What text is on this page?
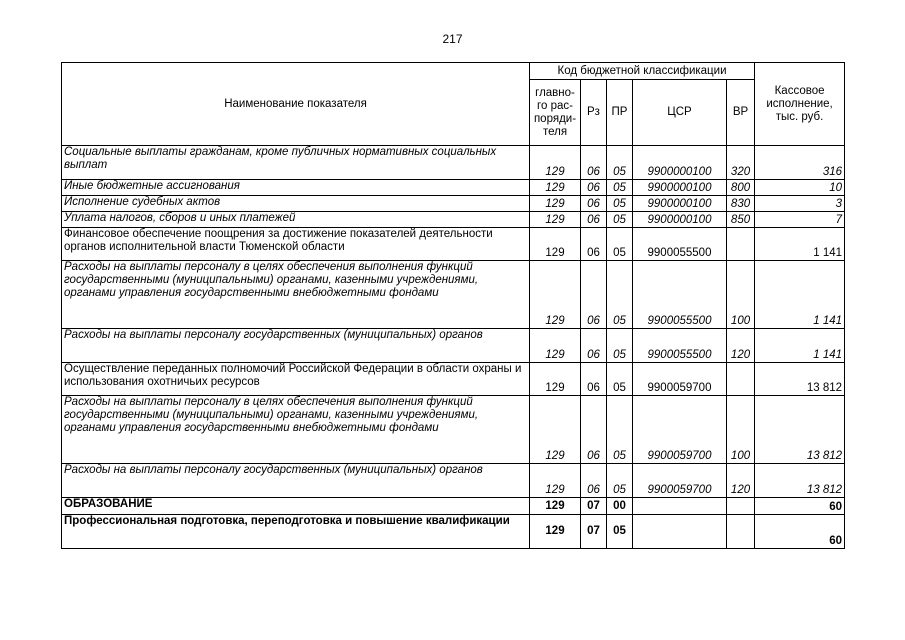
217
Наименование показателя	Код бюджетной классификации					Кассовое исполнение, тыс. руб.
	главно-
го рас-
поряди-
теля	Рз	ПР	ЦСР	ВР	
Социальные выплаты гражданам, кроме публичных нормативных социальных выплат	129	06	05	9900000100	320	316
Иные бюджетные ассигнования	129	06	05	9900000100	800	10
Исполнение судебных актов	129	06	05	9900000100	830	3
Уплата налогов, сборов и иных платежей	129	06	05	9900000100	850	7
Финансовое обеспечение поощрения за достижение показателей деятельности органов исполнительной власти Тюменской области	129	06	05	9900055500		1 141
Расходы на выплаты персоналу в целях обеспечения выполнения функций государственными (муниципальными) органами, казенными учреждениями, органами управления государственными внебюджетными фондами	129	06	05	9900055500	100	1 141
Расходы на выплаты персоналу государственных (муниципальных) органов	129	06	05	9900055500	120	1 141
Осуществление переданных полномочий Российской Федерации в области охраны и использования охотничьих ресурсов	129	06	05	9900059700		13 812
Расходы на выплаты персоналу в целях обеспечения выполнения функций государственными (муниципальными) органами, казенными учреждениями, органами управления государственными внебюджетными фондами	129	06	05	9900059700	100	13 812
Расходы на выплаты персоналу государственных (муниципальных) органов	129	06	05	9900059700	120	13 812
ОБРАЗОВАНИЕ	129	07	00			60
Профессиональная подготовка, переподготовка и повышение квалификации	129	07	05			60
